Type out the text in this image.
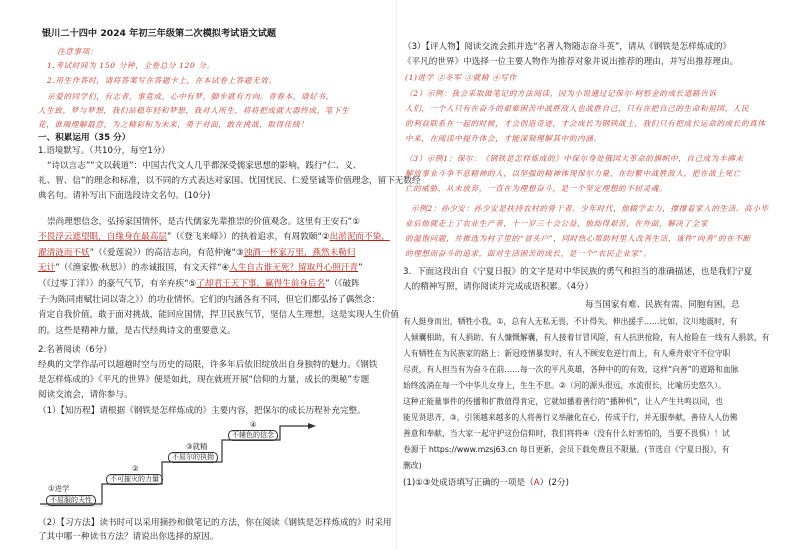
银川二十四中 2024 年初三年级第二次模拟考试语文试题
注意事项：
1.考试时间为 150 分钟，全卷总分 120 分。
2.用生作答时，请将答案写在答题卡上，在本试卷上答题无效。
亲爱的同学们，有志者，事竟成，心中有梦，脚步就有方向。青春本，请好书，
人生致，梦与梦想，我们站稳年轻和梦想，我对人所生，将将把成就大器终成，笔下生
花，谁端理解最意，为之精彩和为未来，勇于对面，敢在挑战，取得佳绩！
一、积累运用（35 分）
1.语境默写。（共10分，每空1分）
“诗以言志”“文以载道”：中国古代文人几乎都深受儒家思想的影响，践行“仁、义、
礼、智、信”的理念和标准，以不同的方式表达对家国、忧国忧民、仁爱坚诚等价值理念，留下无数经
典名句。请补写出下面选段诗文名句。(10分)
崇尚理想信念，弘扬家国情怀，是古代儒家先辈推崇的价值观念。这里有王安石“①
不畏浮云遮望眼，自缘身在最高层”（《登飞来峰》）的执着追求，有周敦颐“②出淤泥而不染，
濯清涟而不妖”（《爱莲说》）的高洁志向，有范仲淹“③浊酒一杯家万里，燕然未勒归
无计”（《渔家傲·秋思》）的赤诚报国，有文天祥“④人生自古谁无死？留取丹心照汗青”
（《过零丁洋》）的豪气气节，有辛弃疾“⑤了却君王天下事，赢得生前身后名”（《破阵
子·为陈同甫赋壮词以寄之》）的功业情怀。它们的内涵各有不同，但它们都弘扬了偶然念：
肯定自我价值，敢于面对挑战，能回应国情，捍卫民族气节，坚信人生理想，这是实现人生价值
的。这些是精神力量，是古代经典诗文的重要意义。
2.名著阅读（6分）
经典的文学作品可以超越时空与历史的局限，许多年后依旧绽放出自身独特的魅力。《钢铁
是怎样炼成的》《平凡的世界》便是如此，现在就班开展“信仰的力量，成长的奥秘”专题
阅读交流会，请你参与。
（1）【知历程】请根据《钢铁是怎样炼成的》主要内容，把保尔的成长历程补充完整。
①进学
不屈服的天性
②
不可摧灭的力量
③就精
不屈尔的执拗
④
不辅色的信念
（2）【习方法】读书时可以采用摘抄和做笔记的方法，你在阅读《钢铁是怎样炼成的》时采用
了其中哪一种读书方法？请说出你选择的原因。
（3）【评人物】阅读交流会抓并选“名著人物随志奋斗英”，请从《钢铁是怎样炼成的》
《平凡的世界》中选择一位主要人物作为推荐对象并说出推荐的理由，并写出推荐理由。
(1)进学 ②冬军 ③就精 ④写作
（2）示例：我会采取做笔记的方法阅读，因为小说通过记保尔·柯察金的成长道路告诉
人们，一个人只有在奋斗的艰难困苦中战胜敌人也战胜自己，只有在把自己的生命和祖国、人民
的利益联系在一起的时候，才会创造奇迹，才会成长为钢铁战士，我们只有把成长运命的成长的真体
中来，在阅读中提升体会，才能深刻理解其中的内涵。
（3）示例1：保尔：《钢铁是怎样炼成的》中保尔身处俄国大革命的旗帜中，自己成为丰碑末
解放事业斗争不息精神的人，以坚强的精神体现保尔力量，在纷繁中战胜敌人，把在战上死亡
亡的威胁，从未放弃，一直在为理想奋斗，是一个坚定理想的不屈灵魂。
示例2：孙少安：孙少安是扶持农村的骨干者。少年时代，他辍学去力，撑撑着家人的生活。高小毕
业后他就走上了农业生产者，十一岁三十会公益，他劫得艰苦，在外面，解决了全家
的温饱问题，并推选为村子里的“冒头户”，同时热心帮助村里人改善生活，该件“向善”的在不断
的理想而奋斗的追求，面对生活困苦的成长，是一个“农民企业家”。
3．下面这段出自《宁夏日报》的文字是对中华民族的勇气和担当的准确描述，也是我们宁夏
人的精神写照，请你阅读并完成成语积累。（4分）
每当国家有难、民族有需、同胞有困，总
有人挺身而出，牺牲小我，①，总有人无私无畏，不计得失，伸出援手……比如，汶川地震时，有
人倾囊相助，有人捐助、有人慷慨解囊，有人接着甘冒风险，有人抗洪抢险，有人抢险在一线有人捐款，有
人有牺牲在为民族家的路上：新冠疫情暴发时，有人不顾安危逆行而上，有人乘舟艰守不位守职
尽责，有人担当有为奋斗在前……每一次的平凡英雄，各种中的的有效，这样“向善”的道路和血脉
始终流淌在每一个中华儿女身上，生生不息。②（河的源头很远，水流很长，比喻历史悠久）。
这种正能量事件的传播和扩散值得肯定，它就如播着善行的“播种机”，让人产生共鸣以同，也
能见贤思齐、③，引领越来越多的人将善行义举融化在心，传成于行，并无服奉献，善待人人仿佛
善意和奉献，当大家一起守护这份信仰时，我们将将④（没有什么好害怕的，当要不畏惧）！试
卷源于 https://www.mzsj63.cn 每日更新，会员下载免费且不限量。(节选自《宁夏日报》，有
删改)
(1)①③处成语填写正确的一项是（A）(2分)
